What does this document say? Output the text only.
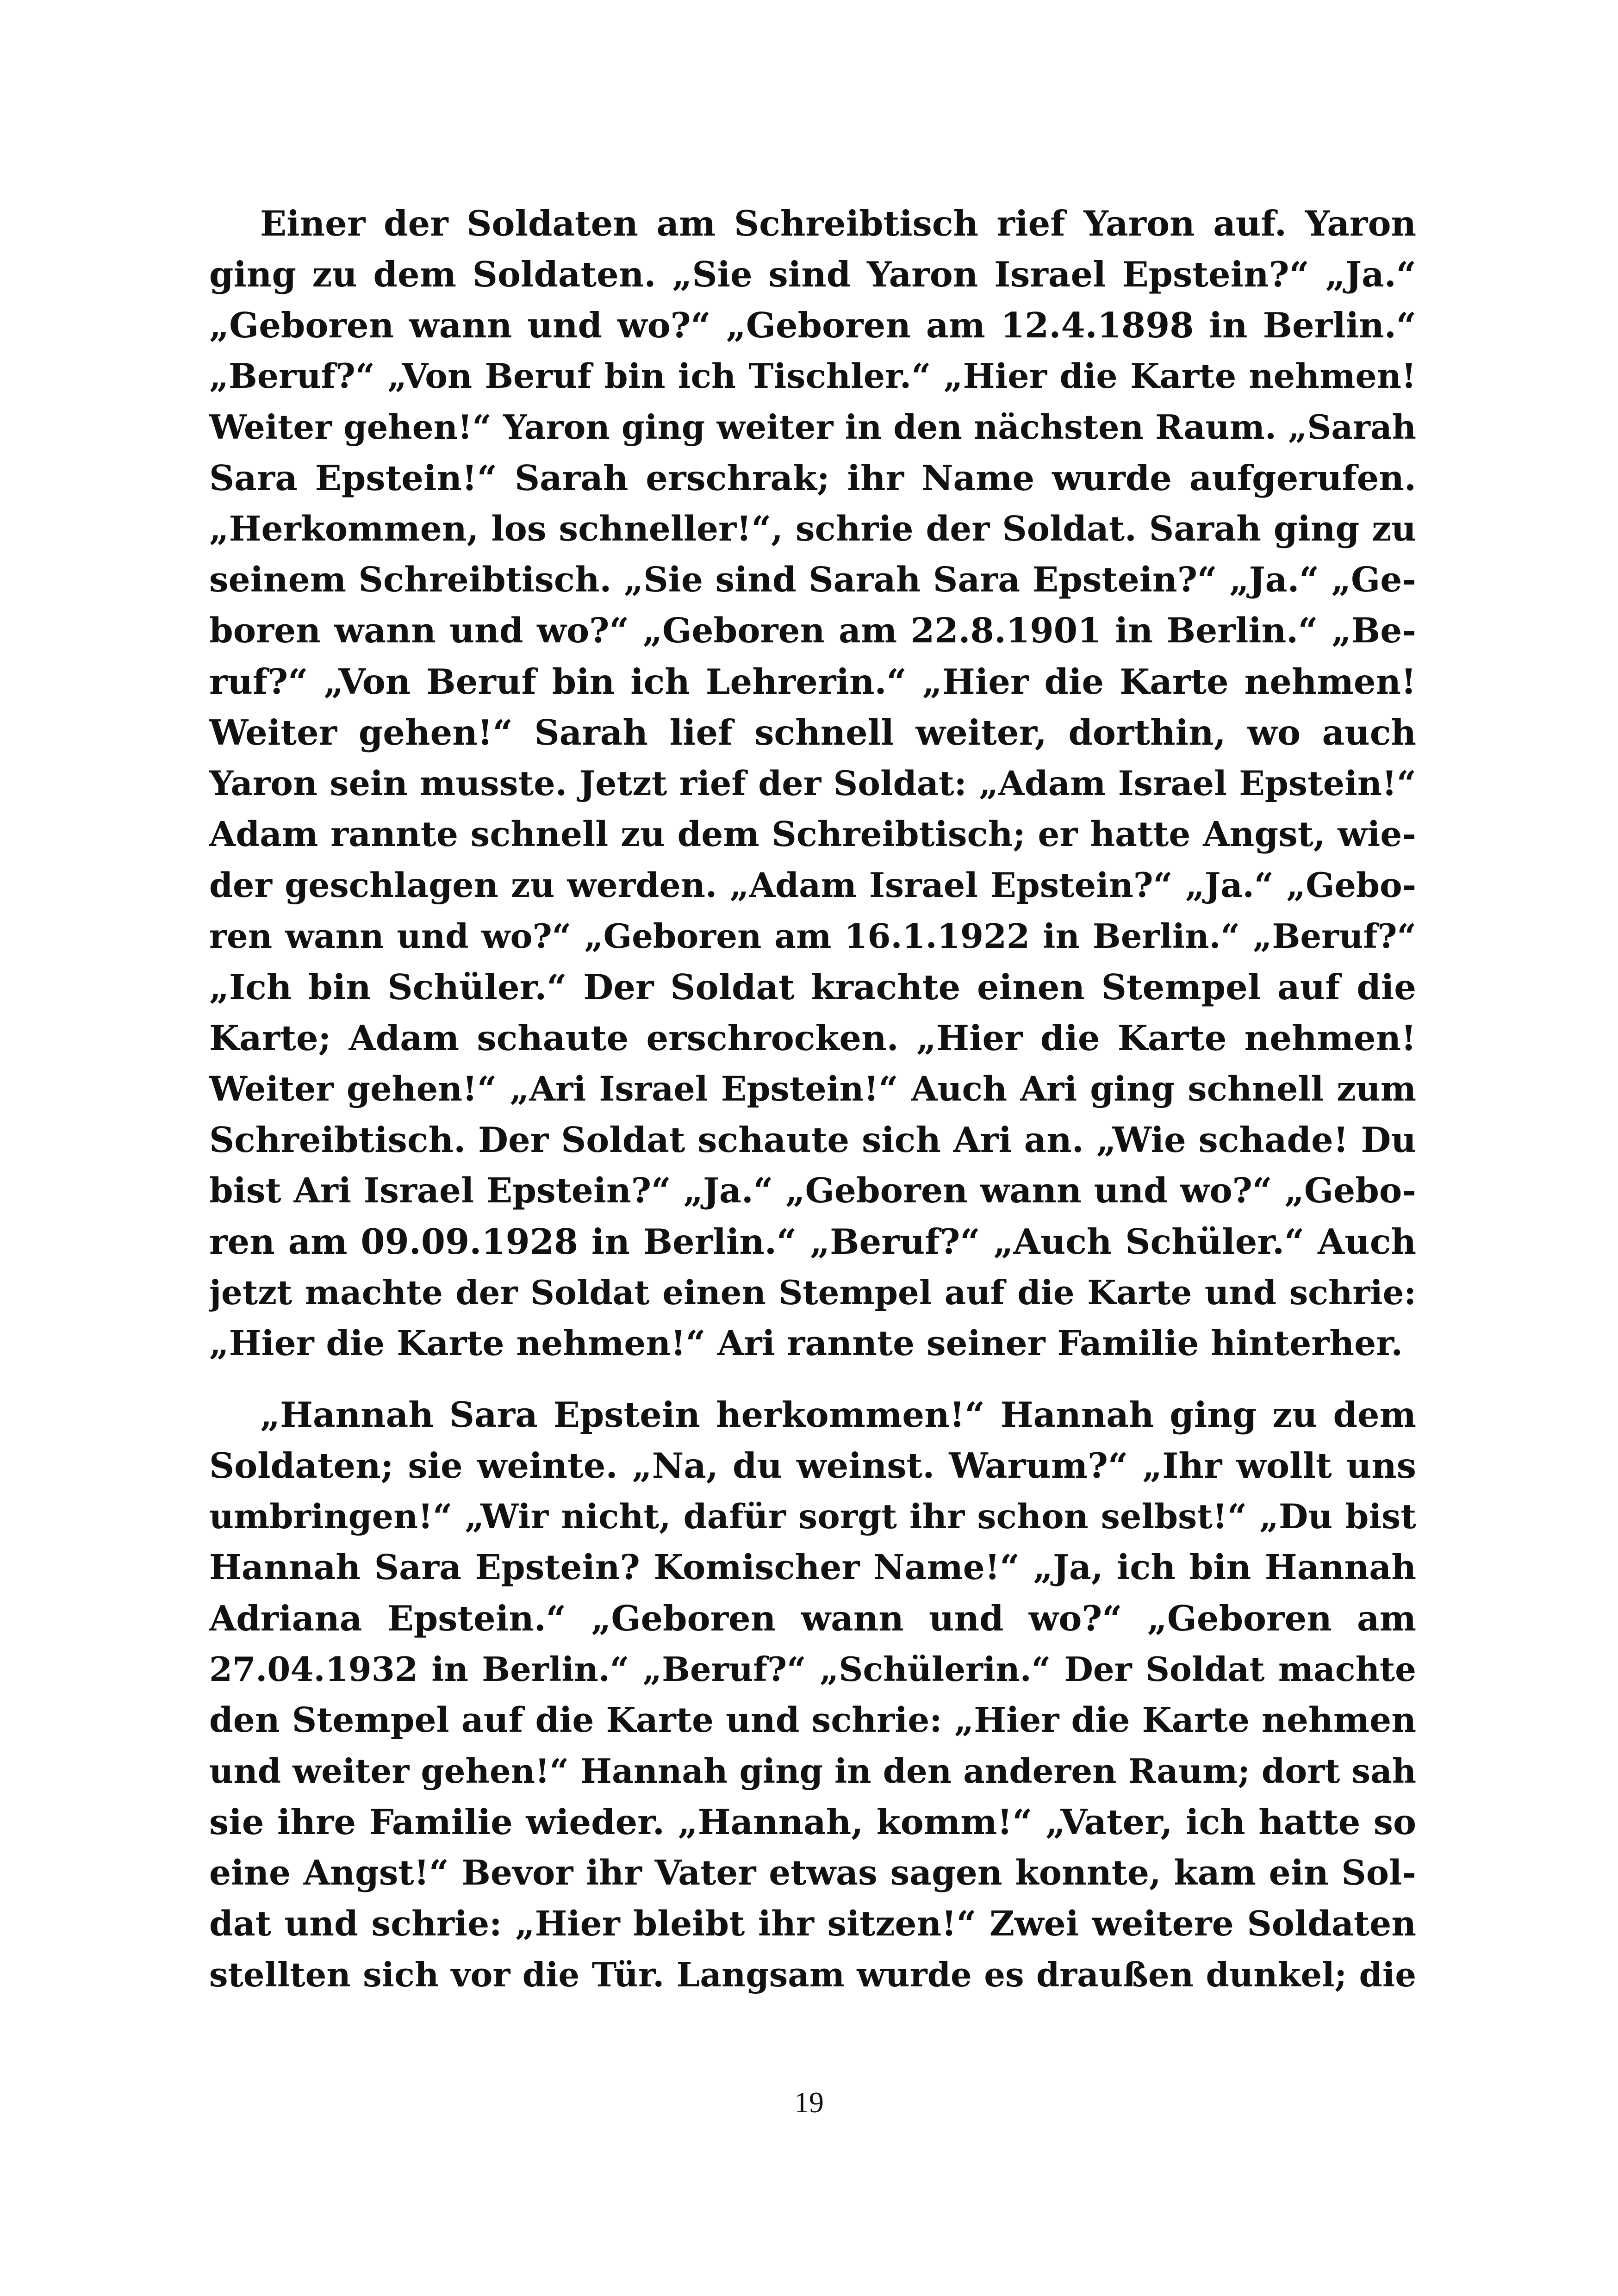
Einer der Soldaten am Schreibtisch rief Yaron auf. Yaron
ging zu dem Soldaten. „Sie sind Yaron Israel Epstein?“ „Ja.“
„Geboren wann und wo?“ „Geboren am 12.4.1898 in Berlin.“
„Beruf?“ „Von Beruf bin ich Tischler.“ „Hier die Karte nehmen!
Weiter gehen!“ Yaron ging weiter in den nächsten Raum. „Sarah
Sara Epstein!“ Sarah erschrak; ihr Name wurde aufgerufen.
„Herkommen, los schneller!“, schrie der Soldat. Sarah ging zu
seinem Schreibtisch. „Sie sind Sarah Sara Epstein?“ „Ja.“ „Ge-
boren wann und wo?“ „Geboren am 22.8.1901 in Berlin.“ „Be-
ruf?“ „Von Beruf bin ich Lehrerin.“ „Hier die Karte nehmen!
Weiter gehen!“ Sarah lief schnell weiter, dorthin, wo auch
Yaron sein musste. Jetzt rief der Soldat: „Adam Israel Epstein!“
Adam rannte schnell zu dem Schreibtisch; er hatte Angst, wie-
der geschlagen zu werden. „Adam Israel Epstein?“ „Ja.“ „Gebo-
ren wann und wo?“ „Geboren am 16.1.1922 in Berlin.“ „Beruf?“
„Ich bin Schüler.“ Der Soldat krachte einen Stempel auf die
Karte; Adam schaute erschrocken. „Hier die Karte nehmen!
Weiter gehen!“ „Ari Israel Epstein!“ Auch Ari ging schnell zum
Schreibtisch. Der Soldat schaute sich Ari an. „Wie schade! Du
bist Ari Israel Epstein?“ „Ja.“ „Geboren wann und wo?“ „Gebo-
ren am 09.09.1928 in Berlin.“ „Beruf?“ „Auch Schüler.“ Auch
jetzt machte der Soldat einen Stempel auf die Karte und schrie:
„Hier die Karte nehmen!“ Ari rannte seiner Familie hinterher.
„Hannah Sara Epstein herkommen!“ Hannah ging zu dem
Soldaten; sie weinte. „Na, du weinst. Warum?“ „Ihr wollt uns
umbringen!“ „Wir nicht, dafür sorgt ihr schon selbst!“ „Du bist
Hannah Sara Epstein? Komischer Name!“ „Ja, ich bin Hannah
Adriana Epstein.“ „Geboren wann und wo?“ „Geboren am
27.04.1932 in Berlin.“ „Beruf?“ „Schülerin.“ Der Soldat machte
den Stempel auf die Karte und schrie: „Hier die Karte nehmen
und weiter gehen!“ Hannah ging in den anderen Raum; dort sah
sie ihre Familie wieder. „Hannah, komm!“ „Vater, ich hatte so
eine Angst!“ Bevor ihr Vater etwas sagen konnte, kam ein Sol-
dat und schrie: „Hier bleibt ihr sitzen!“ Zwei weitere Soldaten
stellten sich vor die Tür. Langsam wurde es draußen dunkel; die
19
